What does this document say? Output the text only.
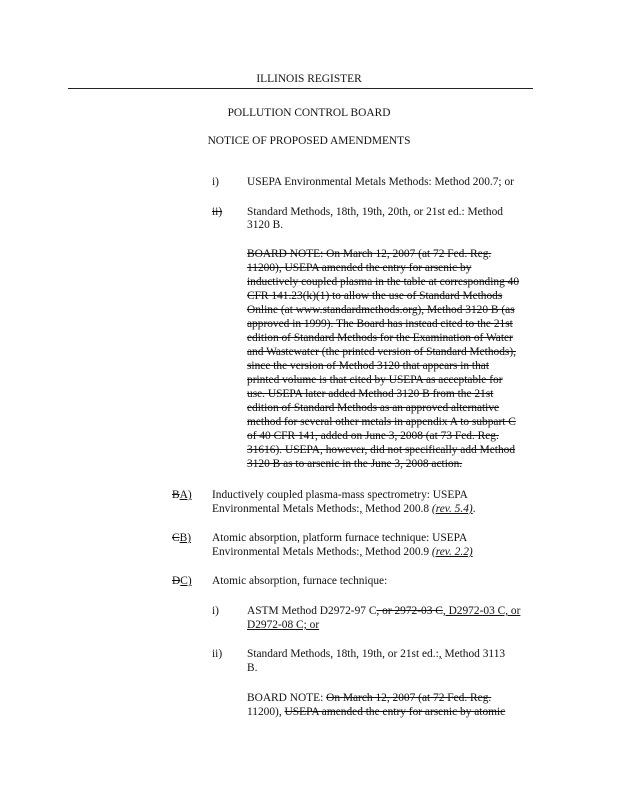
ILLINOIS REGISTER
POLLUTION CONTROL BOARD
NOTICE OF PROPOSED AMENDMENTS
i) USEPA Environmental Metals Methods: Method 200.7; or
ii) Standard Methods, 18th, 19th, 20th, or 21st ed.: Method
3120 B.
BOARD NOTE: On March 12, 2007 (at 72 Fed. Reg.
11200), USEPA amended the entry for arsenic by
inductively coupled plasma in the table at corresponding 40
CFR 141.23(k)(1) to allow the use of Standard Methods
Online (at www.standardmethods.org), Method 3120 B (as
approved in 1999). The Board has instead cited to the 21st
edition of Standard Methods for the Examination of Water
and Wastewater (the printed version of Standard Methods),
since the version of Method 3120 that appears in that
printed volume is that cited by USEPA as acceptable for
use. USEPA later added Method 3120 B from the 21st
edition of Standard Methods as an approved alternative
method for several other metals in appendix A to subpart C
of 40 CFR 141, added on June 3, 2008 (at 73 Fed. Reg.
31616). USEPA, however, did not specifically add Method
3120 B as to arsenic in the June 3, 2008 action.
BA) Inductively coupled plasma-mass spectrometry: USEPA
Environmental Metals Methods:, Method 200.8 (rev. 5.4).
CB) Atomic absorption, platform furnace technique: USEPA
Environmental Metals Methods:, Method 200.9 (rev. 2.2)
DC) Atomic absorption, furnace technique:
i) ASTM Method D2972-97 C, or 2972-03 C, D2972-03 C, or
D2972-08 C; or
ii) Standard Methods, 18th, 19th, or 21st ed.:, Method 3113
B.
BOARD NOTE: On March 12, 2007 (at 72 Fed. Reg.
11200), USEPA amended the entry for arsenic by atomic
